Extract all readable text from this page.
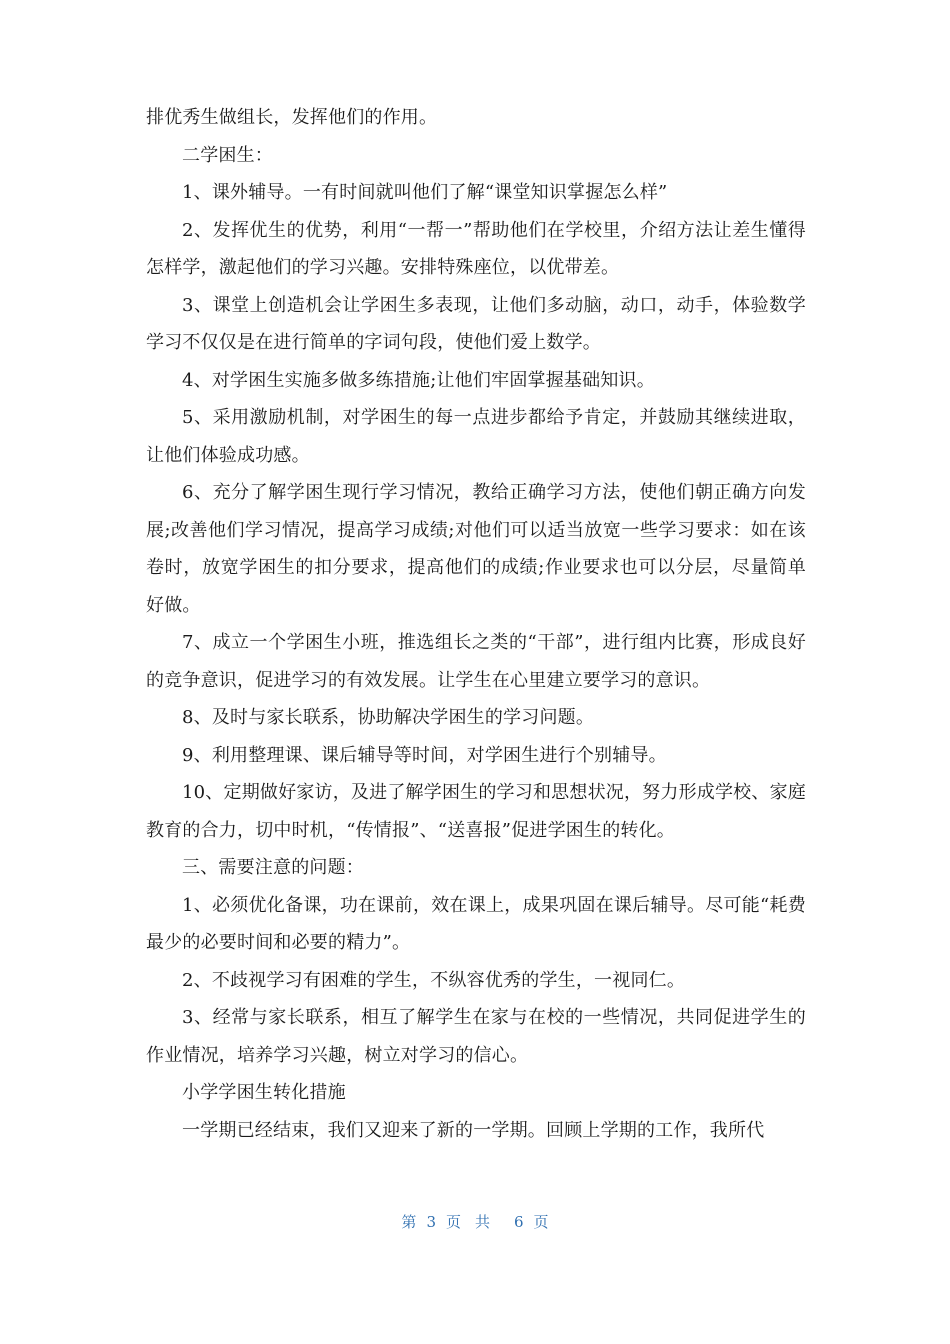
排优秀生做组长，发挥他们的作用。

二学困生：

1、课外辅导。一有时间就叫他们了解“课堂知识掌握怎么样”

2、发挥优生的优势，利用“一帮一”帮助他们在学校里，介绍方法让差生懂得怎样学，激起他们的学习兴趣。安排特殊座位，以优带差。

3、课堂上创造机会让学困生多表现，让他们多动脑，动口，动手，体验数学学习不仅仅是在进行简单的字词句段，使他们爱上数学。

4、对学困生实施多做多练措施;让他们牢固掌握基础知识。

5、采用激励机制，对学困生的每一点进步都给予肯定，并鼓励其继续进取，让他们体验成功感。

6、充分了解学困生现行学习情况，教给正确学习方法，使他们朝正确方向发展;改善他们学习情况，提高学习成绩;对他们可以适当放宽一些学习要求：如在该卷时，放宽学困生的扣分要求，提高他们的成绩;作业要求也可以分层，尽量简单好做。

7、成立一个学困生小班，推选组长之类的“干部”，进行组内比赛，形成良好的竞争意识，促进学习的有效发展。让学生在心里建立要学习的意识。

8、及时与家长联系，协助解决学困生的学习问题。

9、利用整理课、课后辅导等时间，对学困生进行个别辅导。

10、定期做好家访，及进了解学困生的学习和思想状况，努力形成学校、家庭教育的合力，切中时机，“传情报”、“送喜报”促进学困生的转化。

三、需要注意的问题：

1、必须优化备课，功在课前，效在课上，成果巩固在课后辅导。尽可能“耗费最少的必要时间和必要的精力”。

2、不歧视学习有困难的学生，不纵容优秀的学生，一视同仁。

3、经常与家长联系，相互了解学生在家与在校的一些情况，共同促进学生的作业情况，培养学习兴趣，树立对学习的信心。

小学学困生转化措施

一学期已经结束，我们又迎来了新的一学期。回顾上学期的工作，我所代

第 3 页共 6 页
